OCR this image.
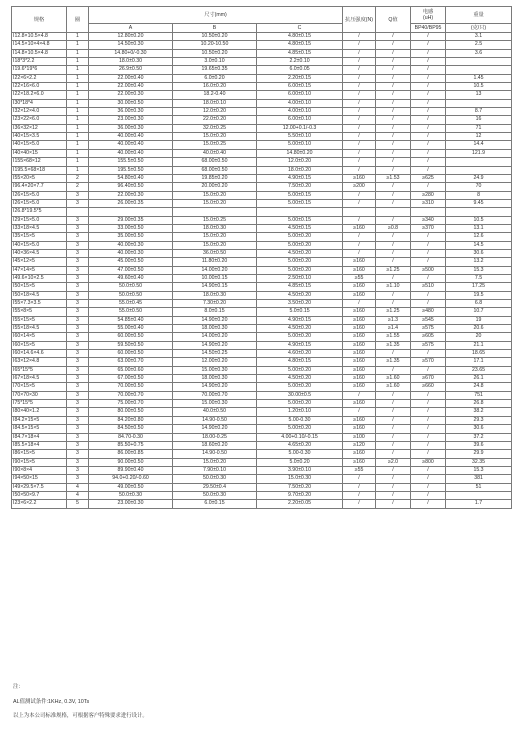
规格	圈	尺寸(mm)			抗压强度(N)	Q值	电感
(uH)	重量
		A	B	C			BP40/BP95	(克/只)
I12.8×10.5×4.8	1	12.80±0.20	10.50±0.20	4.80±0.15	/	/	/	3.1
I14.5×10×4×4.8	1	14.50±0.30	10.20-10.50	4.80±0.15	/	/	/	2.5
I14.8×10.5×4.8	1	14.80+0/-0.30	10.50±0.20	4.85±0.15	/	/	/	3.6
I18*3*2.2	1	18.0±0.30	3.0±0.10	2.2±0.10	/	/	/	
I19.6*19*6	1	26.9±0.50	19.65±0.35	6.0±0.05	/	/	/	
I22×6×2.2	1	22.00±0.40	6.0±0.20	2.20±0.15	/	/	/	1.45
I22×16×6.0	1	22.00±0.40	16.0±0.20	6.00±0.15	/	/	/	10.5
I22×18.2×6.0	1	22.00±0.30	18.2-0.40	6.00±0.10	/	/	/	13
I30*18*4	1	30.00±0.50	18.0±0.10	4.00±0.10	/	/	/	
I32×12×4.0	1	36.00±0.30	12.0±0.20	4.00±0.10	/	/	/	8.7
I23×22×6.0	1	23.00±0.30	22.0±0.20	6.00±0.10	/	/	/	16
I36×32×12	1	36.00±0.30	32.0±0.25	12.00+0.1/-0.3	/	/	/	71
I40×15×3.5	1	40.00±0.40	15.0±0.20	5.50±0.10	/	/	/	12
I40×15×5.0	1	40.00±0.40	15.0±0.25	5.00±0.10	/	/	/	14.4
I40×40×15	1	40.00±0.40	40.0±0.40	14.80±0.20	/	/	/	121.9
I155×68×12	1	155.5±0.50	68.00±0.50	12.0±0.20	/	/	/	
I195.5×68×18	1	195.5±0.50	68.00±0.50	18.0±0.20	/	/	/	
I55×20×5	2	54.80±0.40	19.85±0.20	4.90±0.15	≥160	≥1.53	≥625	24.9
I96.4×20×7.7	2	96.40±0.50	20.00±0.20	7.50±0.20	≥200	/	/	70
I26×15×5.0	3	22.00±0.30	15.0±0.20	5.00±0.15	/	/	≥280	8
I26×15×5.0	3	26.00±0.35	15.0±0.20	5.00±0.15	/	/	≥310	9.45
I26.8*19.5*5								
I29×15×5.0	3	29.00±0.35	15.0±0.25	5.00±0.15	/	/	≥340	10.5
I33×18×4.5	3	33.00±0.50	18.0±0.30	4.50±0.15	≥160	≥0.8	≥370	13.1
I35×15×5	3	35.00±0.50	15.0±0.20	5.00±0.20	/	/	/	12.6
I40×15×5.0	3	40.00±0.30	15.0±0.20	5.00±0.20	/	/	/	14.5
I40×36×4.5	3	40.00±0.30	36.0±0.50	4.50±0.20	/	/	/	30.6
I45×12×5	3	45.00±0.50	11.80±0.20	5.00±0.20	≥160	/	/	13.2
I47×14×5	3	47.00±0.50	14.00±0.20	5.00±0.20	≥160	≥1.25	≥500	15.3
I49.6×10×2.5	3	49.60±0.40	10.00±0.15	2.50±0.10	≥55	/	/	7.5
I50×15×5	3	50.0±0.50	14.90±0.15	4.85±0.15	≥160	≥1.10	≥510	17.25
I50×18×4.5	3	50.0±0.50	18.0±0.30	4.50±0.20	≥160	/	/	19.5
I55×7.3×3.5	3	55.0±0.45	7.30±0.20	3.50±0.20	/	/	/	6.8
I55×8×5	3	55.0±0.50	8.0±0.15	5.0±0.15	≥160	≥1.25	≥480	10.7
I55×15×5	3	54.85±0.40	14.90±0.20	4.90±0.15	≥160	≥1.3	≥545	19
I55×18×4.5	3	55.00±0.40	18.00±0.30	4.50±0.20	≥160	≥1.4	≥575	20.6
I60×14×5	3	60.00±0.50	14.00±0.20	5.00±0.20	≥160	≥1.55	≥605	20
I60×15×5	3	59.50±0.50	14.90±0.20	4.90±0.15	≥160	≥1.35	≥575	21.1
I60×14.6×4.6	3	60.00±0.50	14.50±0.25	4.60±0.20	≥160	/	/	18.65
I63×12×4.8	3	63.00±0.70	12.00±0.20	4.80±0.15	≥160	≥1.35	≥570	17.1
I65*15*5	3	65.00±0.60	15.00±0.30	5.00±0.20	≥160	/	/	23.65
I67×18×4.5	3	67.00±0.50	18.00±0.30	4.50±0.20	≥160	≥1.60	≥670	26.1
I70×15×5	3	70.00±0.50	14.90±0.20	5.00±0.20	≥160	≥1.60	≥660	24.8
I70×70×30	3	70.00±0.70	70.00±0.70	30.00±0.5	/	/	/	751
I75*15*5	3	75.00±0.70	15.00±0.30	5.00±0.20	≥160	/	/	26.8
I80×40×1.2	3	80.00±0.50	40.0±0.50	1.20±0.10	/	/	/	38.2
I84.2×15×5	3	84.20±0.80	14.90-0.50	5.00-0.30	≥160	/	/	29.3
I84.5×15×5	3	84.50±0.50	14.90±0.20	5.00±0.20	≥160	/	/	30.6
I84.7×18×4	3	84.70-0.30	18.00-0.25	4.00+0.10/-0.15	≥100	/	/	37.2
I85.5×18×4	3	85.50+0.75	18.60±0.20	4.65±0.20	≥120	/	/	39.6
I86×15×5	3	86.00±0.85	14.90-0.50	5.00-0.30	≥160	/	/	29.9
I90×15×5	3	90.00±0.50	15.0±0.20	5.0±0.20	≥160	≥2.0	≥800	32.35
I90×8×4	3	89.90±0.40	7.90±0.10	3.90±0.10	≥55	/	/	15.3
I94×50×15	3	94.0+0.20/-0.60	50.0±0.30	15.0±0.30	/	/	/	381
I49×29.5×7.5	4	49.00±0.50	29.50±0.4	7.50±0.20	/	/	/	51
I50×50×9.7	4	50.0±0.30	50.0±0.30	9.70±0.20	/	/	/	
I23×6×2.2	5	23.00±0.30	6.0±0.15	2.20±0.05	/	/	/	1.7
注：
AL值测试条件:1KHz, 0.3V, 10Ts
以上为本公司标准规格，可根据客户特殊要求进行设计。
